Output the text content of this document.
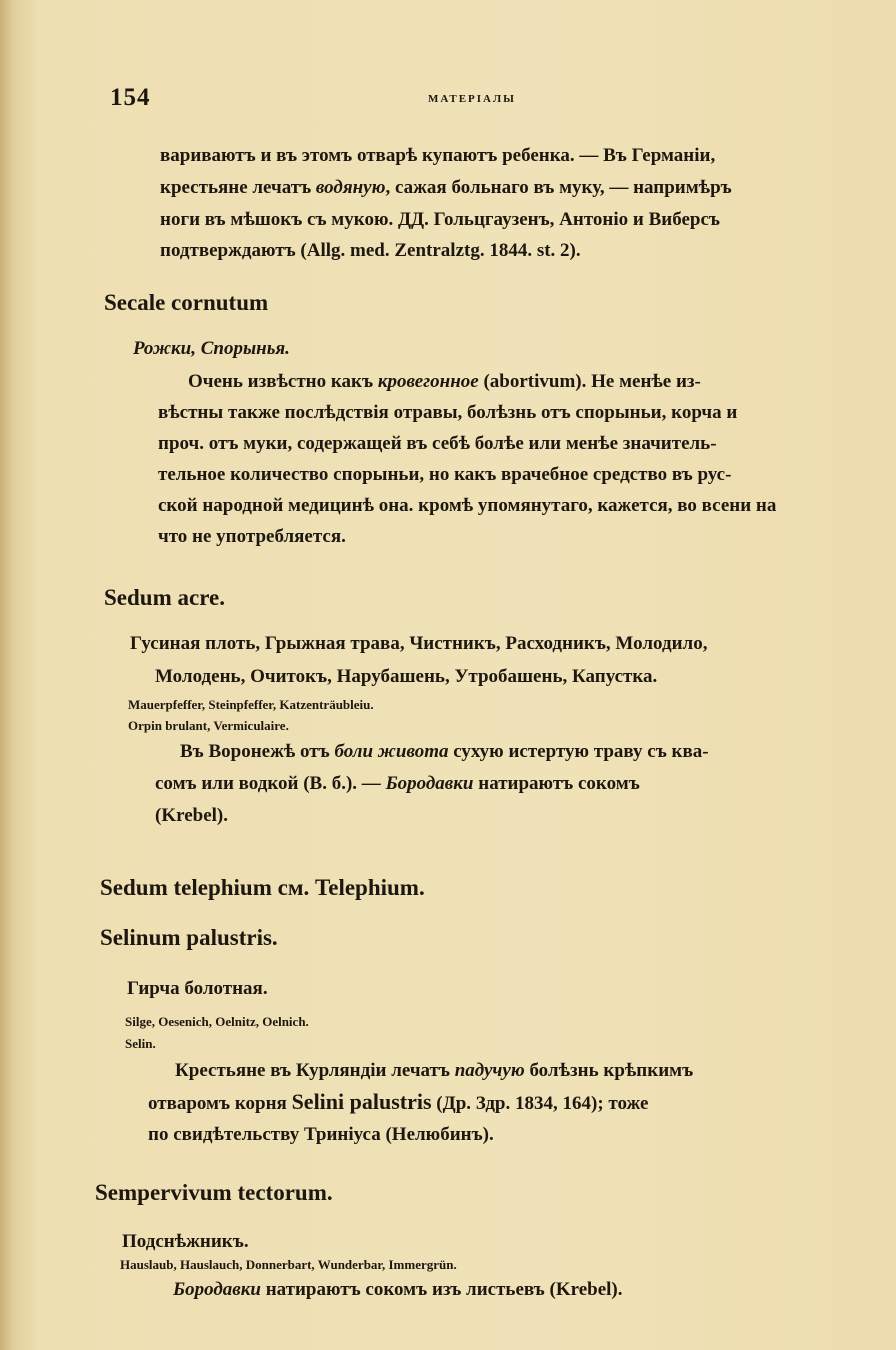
154	МАТЕРІАЛЫ
вариваютъ и въ этомъ отварѣ купаютъ ребенка. — Въ Германіи,
крестьяне лечатъ водяную, сажая больнаго въ муку, — напримѣръ
ноги въ мѣшокъ съ мукою. ДД. Гольцгаузенъ, Антоніо и Виберсъ
подтверждаютъ (Allg. med. Zentralztg. 1844. st. 2).
Secale cornutum
Рожки, Спорынья.
Очень извѣстно какъ кровегонное (abortivum). Не менѣе из-
вѣстны также послѣдствія отравы, болѣзнь отъ спорыньи, корча и
проч. отъ муки, содержащей въ себѣ болѣе или менѣе значитель-
тельное количество спорыньи, но какъ врачебное средство въ рус-
ской народной медицинѣ она. кромѣ упомянутаго, кажется, во всени на
что не употребляется.
Sedum acre.
Гусиная плоть, Грыжная трава, Чистникъ, Расходникъ, Молодило,
Молодень, Очитокъ, Нарубашень, Утробашень, Капустка.
Mauerpfeffer, Steinpfeffer, Katzenträubleiu.
Orpin brulant, Vermiculaire.
Въ Воронежѣ отъ боли живота сухую истертую траву съ ква-
сомъ или водкой (В. б.). — Бородавки натираютъ сокомъ
(Krebel).
Sedum telephium см. Telephium.
Selinum palustris.
Гирча болотная.
Silge, Oesenich, Oelnitz, Oelnich.
Selin.
Крестьяне въ Курляндіи лечатъ падучую болѣзнь крѣпкимъ
отваромъ корня Selini palustris (Др. Здр. 1834, 164); тоже
по свидѣтельству Триніуса (Нелюбинъ).
Sempervivum tectorum.
Подснѣжникъ.
Hauslaub, Hauslauch, Donnerbart, Wunderbar, Immergrün.
Бородавки натираютъ сокомъ изъ листьевъ (Krebel).
